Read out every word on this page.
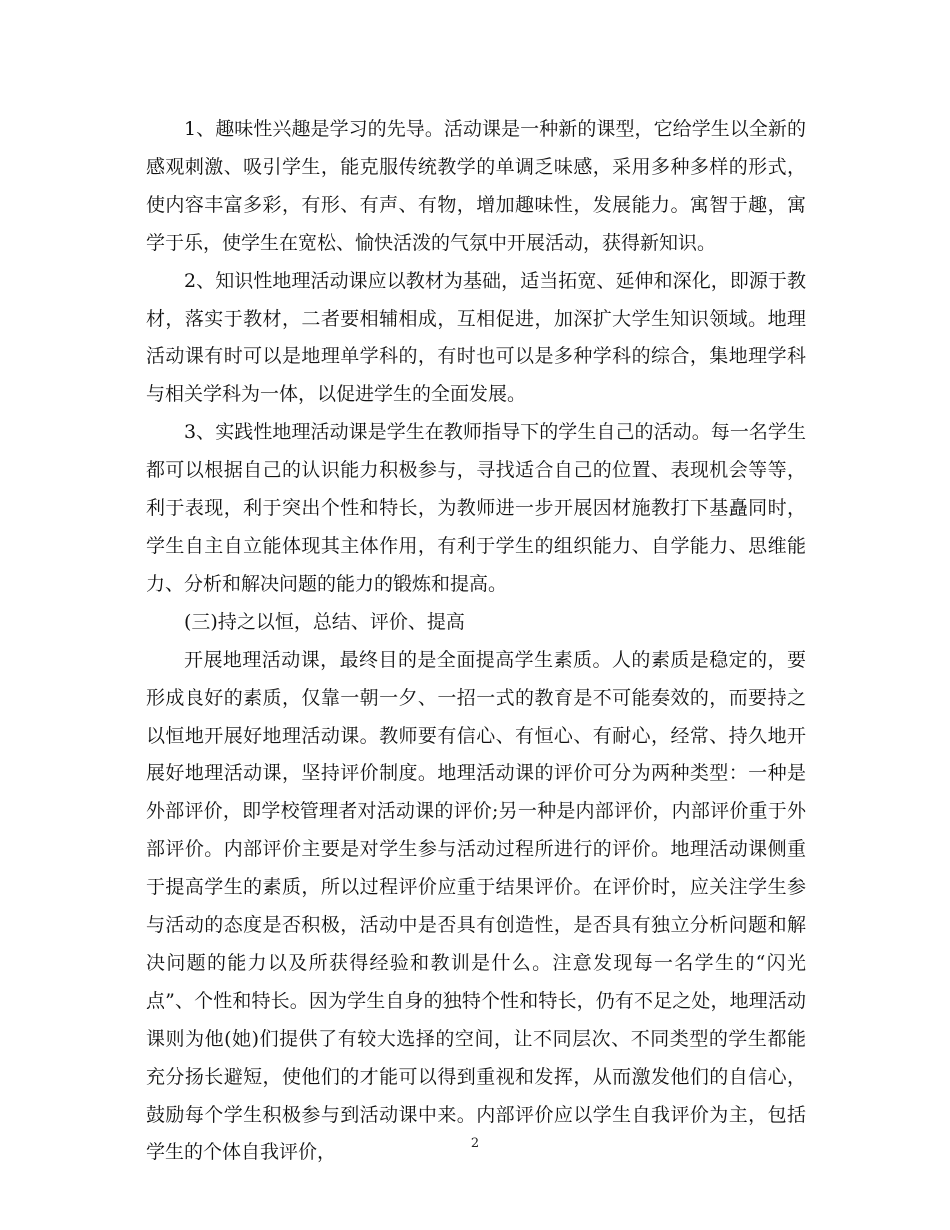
1、趣味性兴趣是学习的先导。活动课是一种新的课型，它给学生以全新的感观刺激、吸引学生，能克服传统教学的单调乏味感，采用多种多样的形式，使内容丰富多彩，有形、有声、有物，增加趣味性，发展能力。寓智于趣，寓学于乐，使学生在宽松、愉快活泼的气氛中开展活动，获得新知识。

2、知识性地理活动课应以教材为基础，适当拓宽、延伸和深化，即源于教材，落实于教材，二者要相辅相成，互相促进，加深扩大学生知识领域。地理活动课有时可以是地理单学科的，有时也可以是多种学科的综合，集地理学科与相关学科为一体，以促进学生的全面发展。

3、实践性地理活动课是学生在教师指导下的学生自己的活动。每一名学生都可以根据自己的认识能力积极参与，寻找适合自己的位置、表现机会等等，利于表现，利于突出个性和特长，为教师进一步开展因材施教打下基矗同时，学生自主自立能体现其主体作用，有利于学生的组织能力、自学能力、思维能力、分析和解决问题的能力的锻炼和提高。

(三)持之以恒，总结、评价、提高

开展地理活动课，最终目的是全面提高学生素质。人的素质是稳定的，要形成良好的素质，仅靠一朝一夕、一招一式的教育是不可能奏效的，而要持之以恒地开展好地理活动课。教师要有信心、有恒心、有耐心，经常、持久地开展好地理活动课，坚持评价制度。地理活动课的评价可分为两种类型：一种是外部评价，即学校管理者对活动课的评价;另一种是内部评价，内部评价重于外部评价。内部评价主要是对学生参与活动过程所进行的评价。地理活动课侧重于提高学生的素质，所以过程评价应重于结果评价。在评价时，应关注学生参与活动的态度是否积极，活动中是否具有创造性，是否具有独立分析问题和解决问题的能力以及所获得经验和教训是什么。注意发现每一名学生的“闪光点”、个性和特长。因为学生自身的独特个性和特长，仍有不足之处，地理活动课则为他(她)们提供了有较大选择的空间，让不同层次、不同类型的学生都能充分扬长避短，使他们的才能可以得到重视和发挥，从而激发他们的自信心，鼓励每个学生积极参与到活动课中来。内部评价应以学生自我评价为主，包括学生的个体自我评价，	2
